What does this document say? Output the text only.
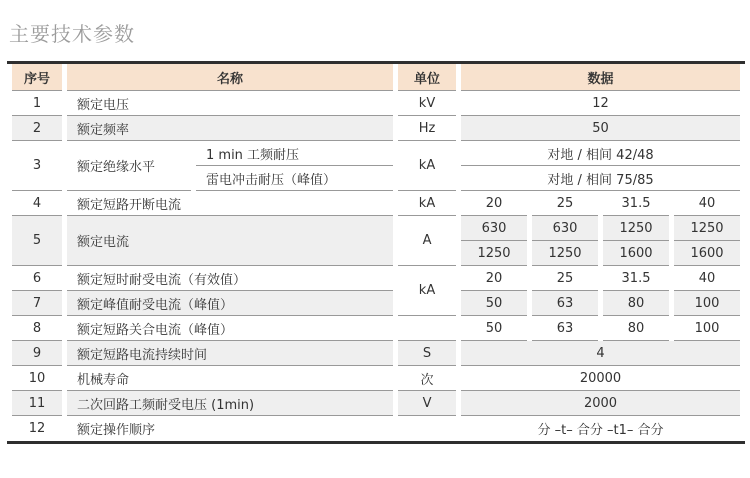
主要技术参数
序号	名称		单位	数据			
1	额定电压		kV	12			
2	额定频率		Hz	50			
3	额定绝缘水平	1 min 工频耐压	kA	对地 / 相间 42/48			
		雷电冲击耐压（峰值）		对地 / 相间 75/85			
4	额定短路开断电流		kA	20	25	31.5	40
5	额定电流		A	630	630	1250	1250
				1250	1250	1600	1600
6	额定短时耐受电流（有效值）		kA	20	25	31.5	40
7	额定峰值耐受电流（峰值）			50	63	80	100
8	额定短路关合电流（峰值）			50	63	80	100
9	额定短路电流持续时间		S	4			
10	机械寿命		次	20000			
11	二次回路工频耐受电压 (1min)		V	2000			
12	额定操作顺序			分 –t– 合分 –t1– 合分			
